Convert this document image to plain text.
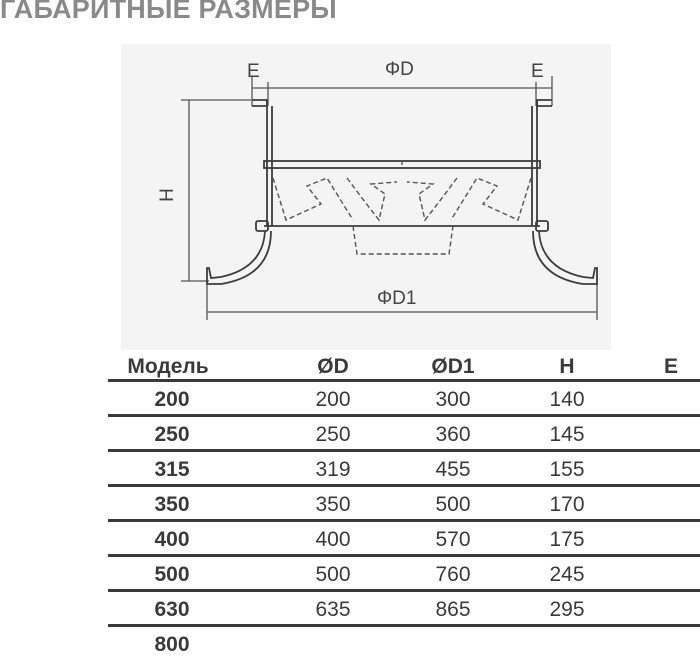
ГАБАРИТНЫЕ РАЗМЕРЫ
E	ΦD	E
H
ΦD1
Модель	ØD	ØD1	H	E
200	200	300	140
250	250	360	145
315	319	455	155
350	350	500	170
400	400	570	175
500	500	760	245
630	635	865	295
800
